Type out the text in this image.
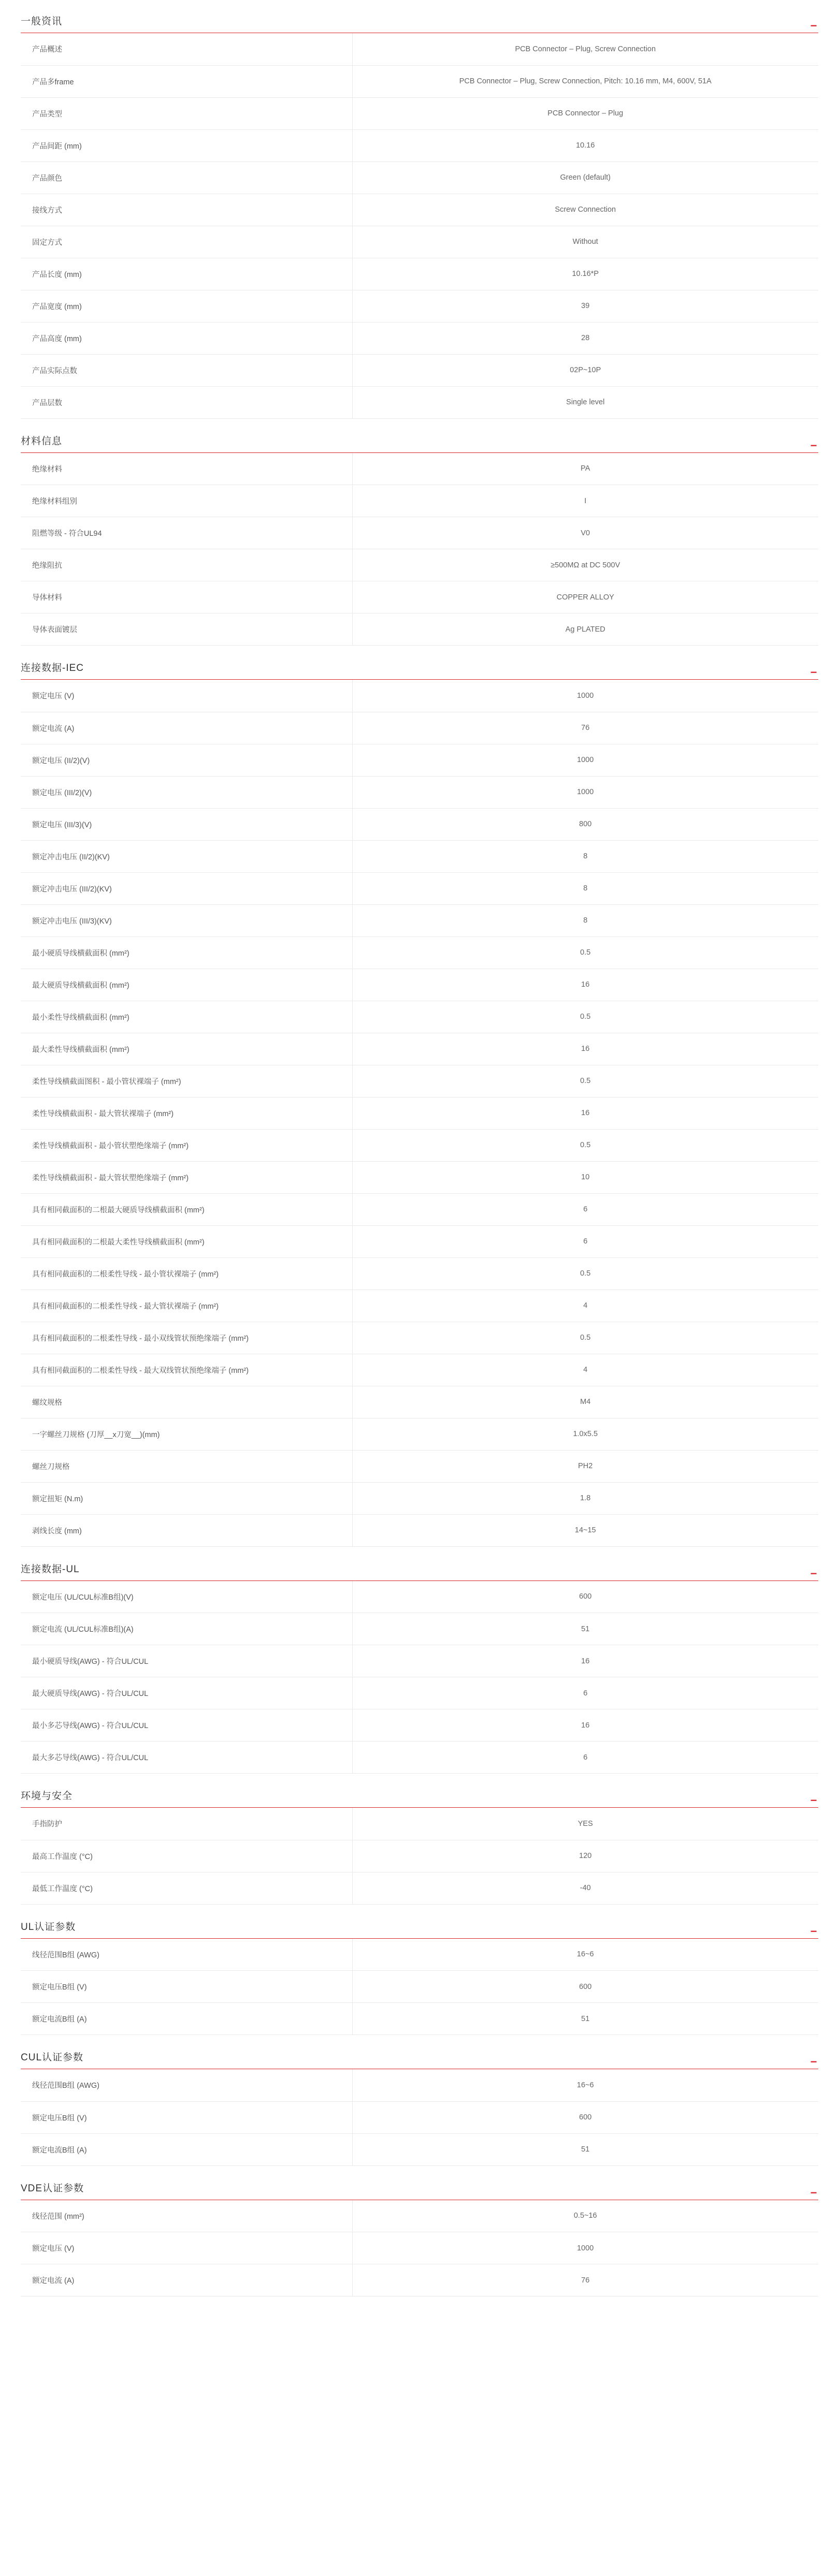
一般资讯	−
产品概述	PCB Connector – Plug, Screw Connection
产品多frame	PCB Connector – Plug, Screw Connection, Pitch: 10.16 mm, M4, 600V, 51A
产品类型	PCB Connector – Plug
产品间距 (mm)	10.16
产品颜色	Green (default)
接线方式	Screw Connection
固定方式	Without
产品长度 (mm)	10.16*P
产品宽度 (mm)	39
产品高度 (mm)	28
产品实际点数	02P~10P
产品层数	Single level
材料信息	−
绝缘材料	PA
绝缘材料组别	I
阻燃等级 - 符合UL94	V0
绝缘阻抗	≥500MΩ at DC 500V
导体材料	COPPER ALLOY
导体表面镀层	Ag PLATED
连接数据-IEC	−
额定电压 (V)	1000
额定电流 (A)	76
额定电压 (II/2)(V)	1000
额定电压 (III/2)(V)	1000
额定电压 (III/3)(V)	800
额定冲击电压 (II/2)(KV)	8
额定冲击电压 (III/2)(KV)	8
额定冲击电压 (III/3)(KV)	8
最小硬质导线横截面积 (mm²)	0.5
最大硬质导线横截面积 (mm²)	16
最小柔性导线横截面积 (mm²)	0.5
最大柔性导线横截面积 (mm²)	16
柔性导线横截面图积 - 最小管状裸端子 (mm²)	0.5
柔性导线横截面积 - 最大管状裸端子 (mm²)	16
柔性导线横截面积 - 最小管状塑绝缘端子 (mm²)	0.5
柔性导线横截面积 - 最大管状塑绝缘端子 (mm²)	10
具有相同截面积的二根最大硬质导线横截面积 (mm²)	6
具有相同截面积的二根最大柔性导线横截面积 (mm²)	6
具有相同截面积的二根柔性导线 - 最小管状裸端子 (mm²)	0.5
具有相同截面积的二根柔性导线 - 最大管状裸端子 (mm²)	4
具有相同截面积的二根柔性导线 - 最小双线管状预绝缘端子 (mm²)	0.5
具有相同截面积的二根柔性导线 - 最大双线管状预绝缘端子 (mm²)	4
螺纹规格	M4
一字螺丝刀规格 (刀厚__x刀宽__)(mm)	1.0x5.5
螺丝刀规格	PH2
额定扭矩 (N.m)	1.8
剥线长度 (mm)	14~15
连接数据-UL	−
额定电压 (UL/CUL标准B组)(V)	600
额定电流 (UL/CUL标准B组)(A)	51
最小硬质导线(AWG) - 符合UL/CUL	16
最大硬质导线(AWG) - 符合UL/CUL	6
最小多芯导线(AWG) - 符合UL/CUL	16
最大多芯导线(AWG) - 符合UL/CUL	6
环境与安全	−
手指防护	YES
最高工作温度 (°C)	120
最低工作温度 (°C)	-40
UL认证参数	−
线径范围B组 (AWG)	16~6
额定电压B组 (V)	600
额定电流B组 (A)	51
CUL认证参数	−
线径范围B组 (AWG)	16~6
额定电压B组 (V)	600
额定电流B组 (A)	51
VDE认证参数	−
线径范围 (mm²)	0.5~16
额定电压 (V)	1000
额定电流 (A)	76
